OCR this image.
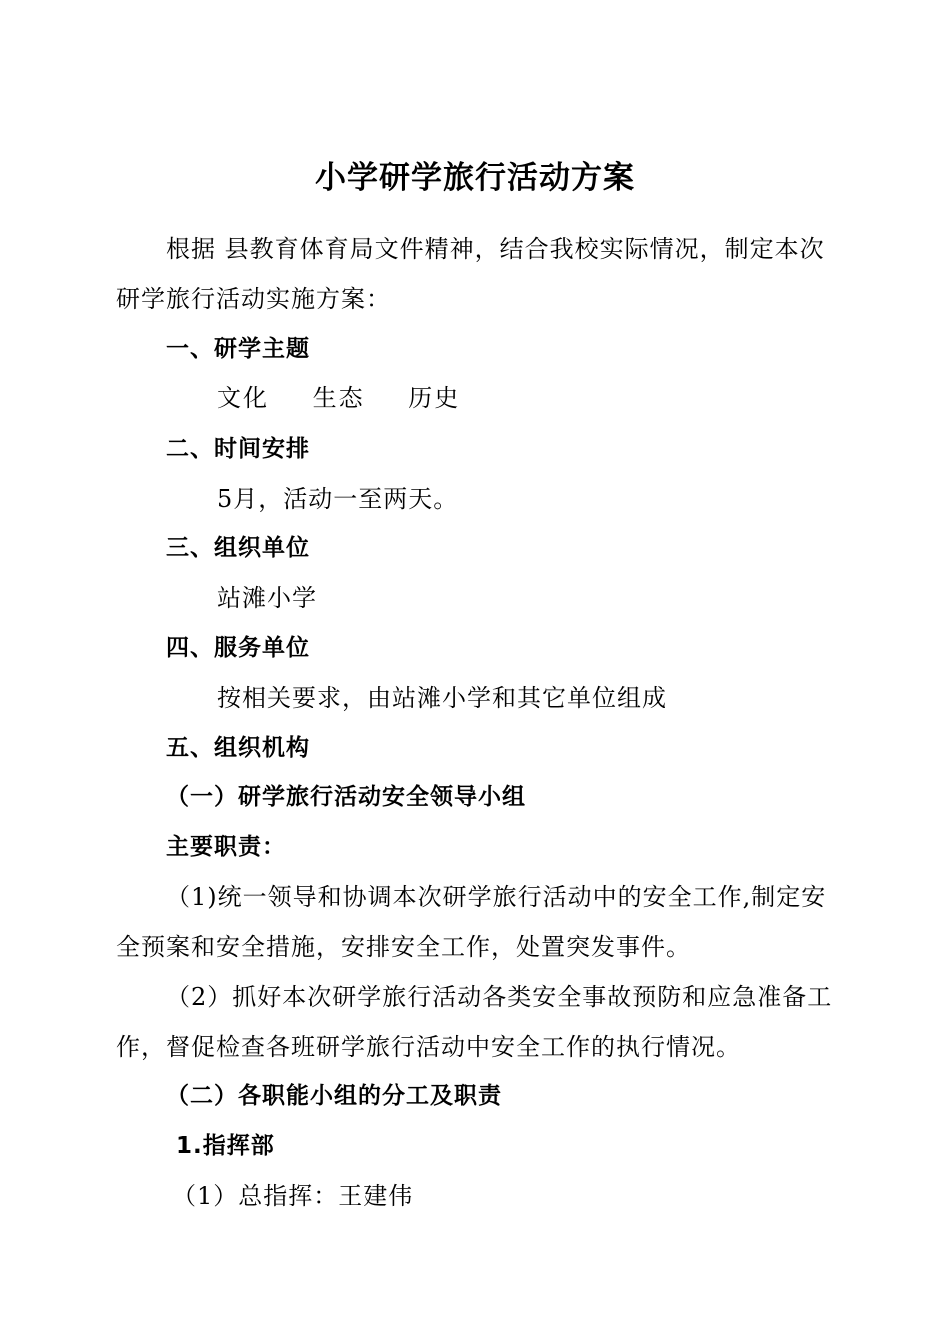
小学研学旅行活动方案
根据 县教育体育局文件精神，结合我校实际情况，制定本次
研学旅行活动实施方案：
一、研学主题
文化 生态 历史
二、时间安排
5月，活动一至两天。
三、组织单位
站滩小学
四、服务单位
按相关要求，由站滩小学和其它单位组成
五、组织机构
（一）研学旅行活动安全领导小组
主要职责：
（1)统一领导和协调本次研学旅行活动中的安全工作,制定安
全预案和安全措施，安排安全工作，处置突发事件。
（2）抓好本次研学旅行活动各类安全事故预防和应急准备工
作，督促检查各班研学旅行活动中安全工作的执行情况。
（二）各职能小组的分工及职责
1.指挥部
（1）总指挥：王建伟
